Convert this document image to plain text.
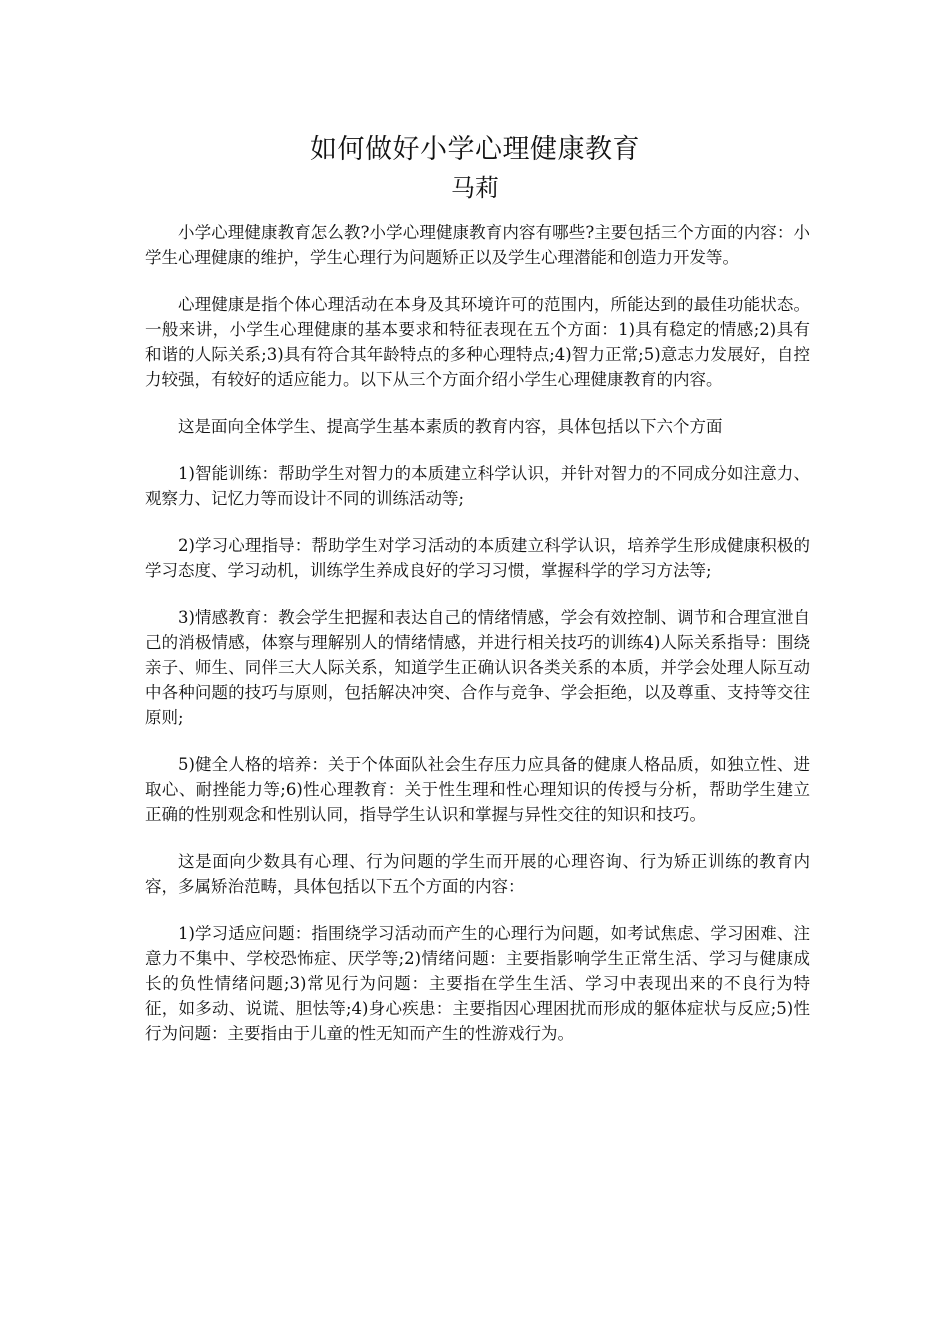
如何做好小学心理健康教育
马莉

小学心理健康教育怎么教?小学心理健康教育内容有哪些?主要包括三个方面的内容：小学生心理健康的维护，学生心理行为问题矫正以及学生心理潜能和创造力开发等。

心理健康是指个体心理活动在本身及其环境许可的范围内，所能达到的最佳功能状态。一般来讲，小学生心理健康的基本要求和特征表现在五个方面：1)具有稳定的情感;2)具有和谐的人际关系;3)具有符合其年龄特点的多种心理特点;4)智力正常;5)意志力发展好，自控力较强，有较好的适应能力。以下从三个方面介绍小学生心理健康教育的内容。

这是面向全体学生、提高学生基本素质的教育内容，具体包括以下六个方面

1)智能训练：帮助学生对智力的本质建立科学认识，并针对智力的不同成分如注意力、观察力、记忆力等而设计不同的训练活动等;

2)学习心理指导：帮助学生对学习活动的本质建立科学认识，培养学生形成健康积极的学习态度、学习动机，训练学生养成良好的学习习惯，掌握科学的学习方法等;

3)情感教育：教会学生把握和表达自己的情绪情感，学会有效控制、调节和合理宣泄自己的消极情感，体察与理解别人的情绪情感，并进行相关技巧的训练4)人际关系指导：围绕亲子、师生、同伴三大人际关系，知道学生正确认识各类关系的本质，并学会处理人际互动中各种问题的技巧与原则，包括解决冲突、合作与竞争、学会拒绝，以及尊重、支持等交往原则;

5)健全人格的培养：关于个体面队社会生存压力应具备的健康人格品质，如独立性、进取心、耐挫能力等;6)性心理教育：关于性生理和性心理知识的传授与分析，帮助学生建立正确的性别观念和性别认同，指导学生认识和掌握与异性交往的知识和技巧。

这是面向少数具有心理、行为问题的学生而开展的心理咨询、行为矫正训练的教育内容，多属矫治范畴，具体包括以下五个方面的内容：

1)学习适应问题：指围绕学习活动而产生的心理行为问题，如考试焦虑、学习困难、注意力不集中、学校恐怖症、厌学等;2)情绪问题：主要指影响学生正常生活、学习与健康成长的负性情绪问题;3)常见行为问题：主要指在学生生活、学习中表现出来的不良行为特征，如多动、说谎、胆怯等;4)身心疾患：主要指因心理困扰而形成的躯体症状与反应;5)性行为问题：主要指由于儿童的性无知而产生的性游戏行为。
